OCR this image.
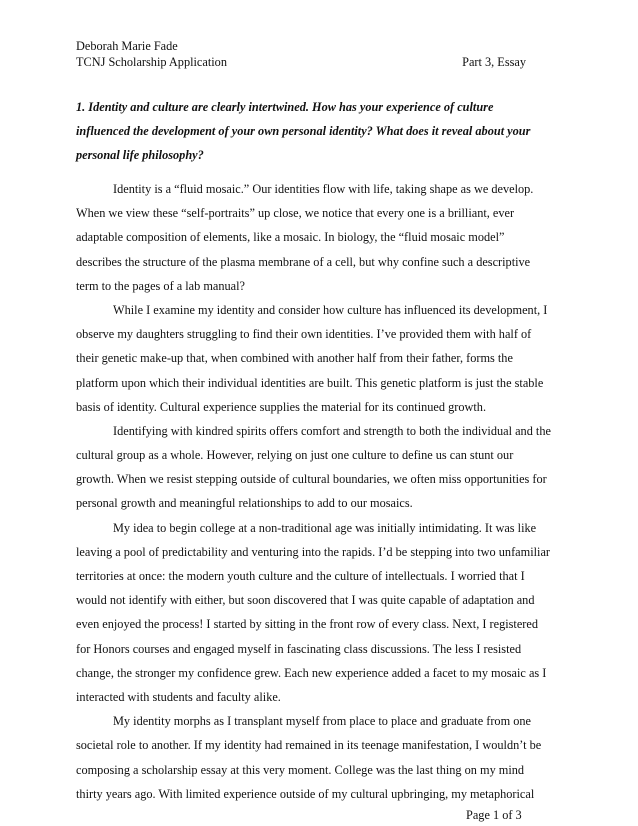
Deborah Marie Fade
TCNJ Scholarship Application	Part 3, Essay
1. Identity and culture are clearly intertwined. How has your experience of culture
influenced the development of your own personal identity? What does it reveal about your
personal life philosophy?
Identity is a “fluid mosaic.” Our identities flow with life, taking shape as we develop.
When we view these “self-portraits” up close, we notice that every one is a brilliant, ever
adaptable composition of elements, like a mosaic. In biology, the “fluid mosaic model”
describes the structure of the plasma membrane of a cell, but why confine such a descriptive
term to the pages of a lab manual?
While I examine my identity and consider how culture has influenced its development, I
observe my daughters struggling to find their own identities. I’ve provided them with half of
their genetic make-up that, when combined with another half from their father, forms the
platform upon which their individual identities are built. This genetic platform is just the stable
basis of identity. Cultural experience supplies the material for its continued growth.
Identifying with kindred spirits offers comfort and strength to both the individual and the
cultural group as a whole. However, relying on just one culture to define us can stunt our
growth. When we resist stepping outside of cultural boundaries, we often miss opportunities for
personal growth and meaningful relationships to add to our mosaics.
My idea to begin college at a non-traditional age was initially intimidating. It was like
leaving a pool of predictability and venturing into the rapids. I’d be stepping into two unfamiliar
territories at once: the modern youth culture and the culture of intellectuals. I worried that I
would not identify with either, but soon discovered that I was quite capable of adaptation and
even enjoyed the process! I started by sitting in the front row of every class. Next, I registered
for Honors courses and engaged myself in fascinating class discussions. The less I resisted
change, the stronger my confidence grew. Each new experience added a facet to my mosaic as I
interacted with students and faculty alike.
My identity morphs as I transplant myself from place to place and graduate from one
societal role to another. If my identity had remained in its teenage manifestation, I wouldn’t be
composing a scholarship essay at this very moment. College was the last thing on my mind
thirty years ago. With limited experience outside of my cultural upbringing, my metaphorical
Page 1 of 3
